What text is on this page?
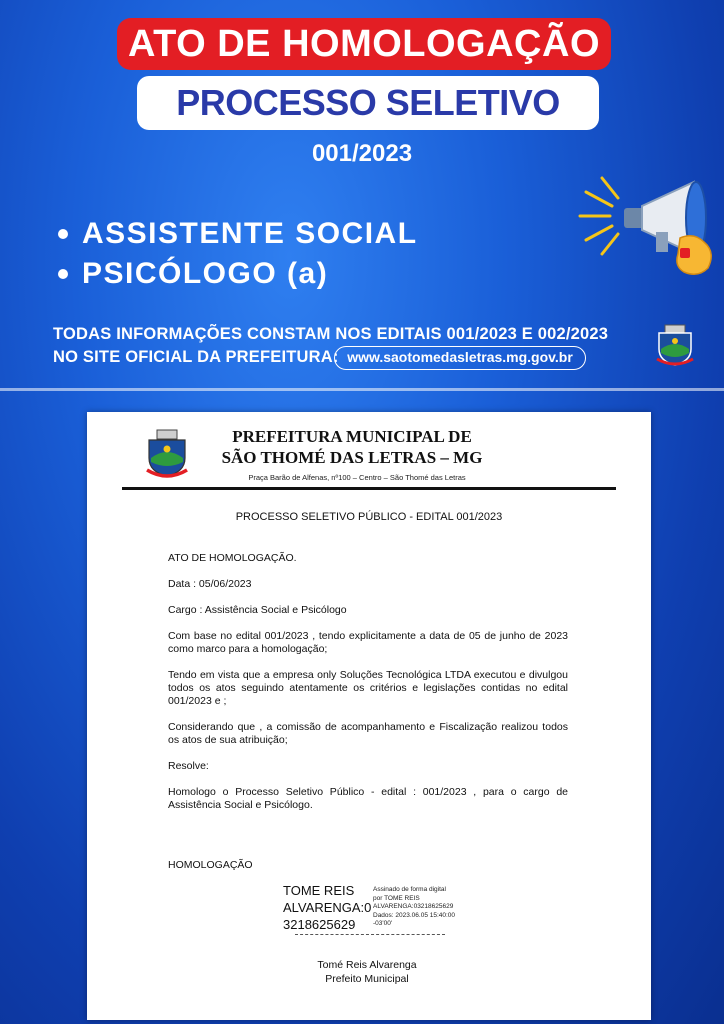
ATO DE HOMOLOGAÇÃO
PROCESSO SELETIVO
001/2023
ASSISTENTE SOCIAL
PSICÓLOGO (a)
TODAS INFORMAÇÕES CONSTAM NOS EDITAIS 001/2023 E 002/2023
NO SITE OFICIAL DA PREFEITURA: www.saotomedasletras.mg.gov.br
PREFEITURA MUNICIPAL DE
SÃO THOMÉ DAS LETRAS – MG
Praça Barão de Alfenas, nº100 – Centro – São Thomé das Letras
PROCESSO SELETIVO PÚBLICO - EDITAL 001/2023

ATO DE HOMOLOGAÇÃO.

Data : 05/06/2023

Cargo : Assistência Social e Psicólogo

Com base no edital 001/2023 , tendo explicitamente a data de 05 de junho de 2023 como marco para a homologação;

Tendo em vista que a empresa only Soluções Tecnológica LTDA executou e divulgou todos os atos seguindo atentamente os critérios e legislações contidas no edital 001/2023 e ;

Considerando que , a comissão de acompanhamento e Fiscalização realizou todos os atos de sua atribuição;

Resolve:

Homologo o Processo Seletivo Público - edital : 001/2023 , para o cargo de Assistência Social e Psicólogo.

HOMOLOGAÇÃO
TOME REIS
ALVARENGA:0
3218625629
Assinado de forma digital
por TOME REIS
ALVARENGA:03218625629
Dados: 2023.06.05 15:40:00
-03'00'
Tomé Reis Alvarenga
Prefeito Municipal
